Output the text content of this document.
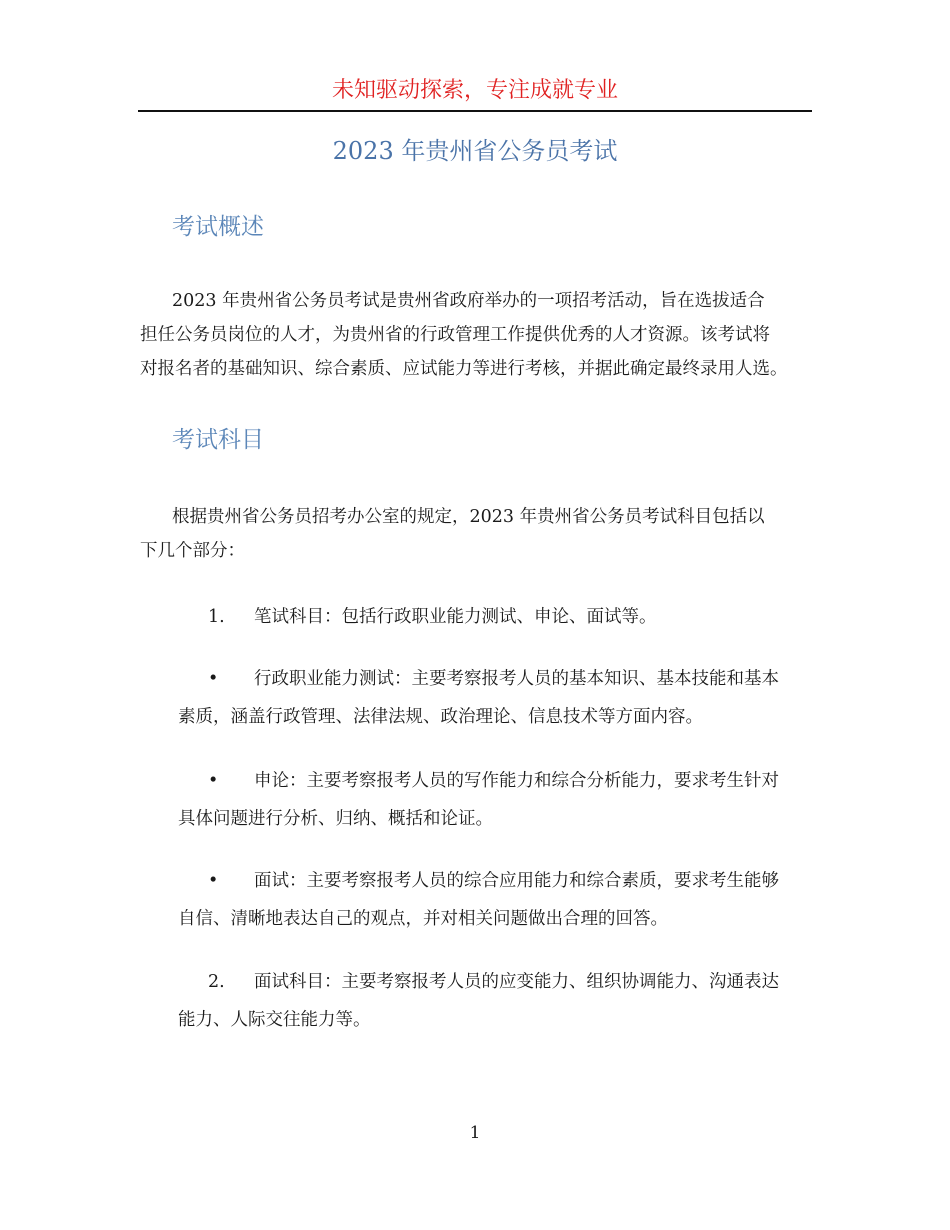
未知驱动探索，专注成就专业
2023 年贵州省公务员考试
考试概述
2023 年贵州省公务员考试是贵州省政府举办的一项招考活动，旨在选拔适合
担任公务员岗位的人才，为贵州省的行政管理工作提供优秀的人才资源。该考试将
对报名者的基础知识、综合素质、应试能力等进行考核，并据此确定最终录用人选。
考试科目
根据贵州省公务员招考办公室的规定，2023 年贵州省公务员考试科目包括以
下几个部分：
1.	笔试科目：包括行政职业能力测试、申论、面试等。
•	行政职业能力测试：主要考察报考人员的基本知识、基本技能和基本
素质，涵盖行政管理、法律法规、政治理论、信息技术等方面内容。
•	申论：主要考察报考人员的写作能力和综合分析能力，要求考生针对
具体问题进行分析、归纳、概括和论证。
•	面试：主要考察报考人员的综合应用能力和综合素质，要求考生能够
自信、清晰地表达自己的观点，并对相关问题做出合理的回答。
2.	面试科目：主要考察报考人员的应变能力、组织协调能力、沟通表达
能力、人际交往能力等。
1
